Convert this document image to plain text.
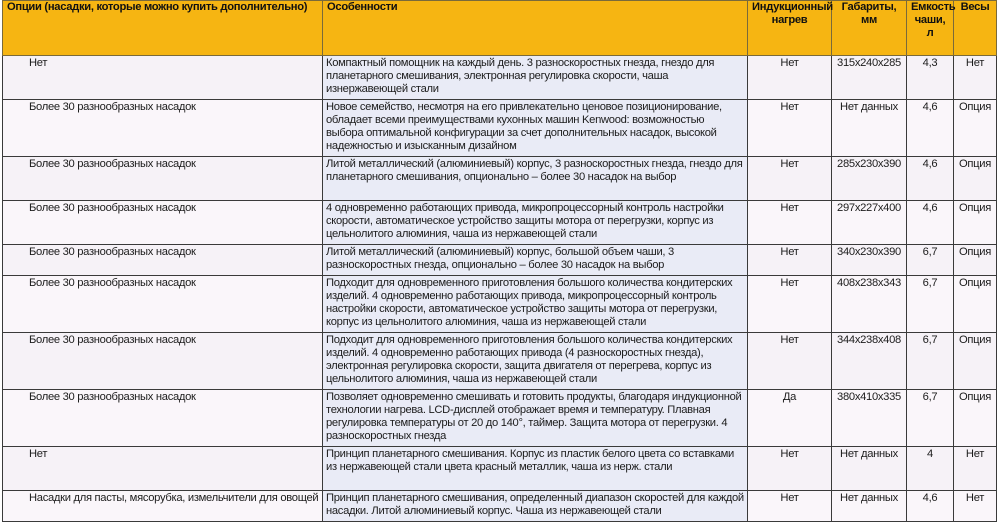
Опции (насадки, которые можно купить дополнительно)	Особенности	Индукционный нагрев	Габариты, мм	Емкость чаши, л	Весы
Нет	Компактный помощник на каждый день. 3 разноскоростных гнезда, гнездо для планетарного смешивания, электронная регулировка скорости, чаша изнержавеющей стали	Нет	315x240x285	4,3	Нет
Более 30 разнообразных насадок	Новое семейство, несмотря на его привлекательно ценовое позиционирование, обладает всеми преимуществами кухонных машин Kenwood: возможностью выбора оптимальной конфигурации за счет дополнительных насадок, высокой надежностью и изысканным дизайном	Нет	Нет данных	4,6	Опция
Более 30 разнообразных насадок	Литой металлический (алюминиевый) корпус, 3 разноскоростных гнезда, гнездо для планетарного смешивания, опционально – более 30 насадок на выбор	Нет	285x230x390	4,6	Опция
Более 30 разнообразных насадок	4 одновременно работающих привода, микропроцессорный контроль настройки скорости, автоматическое устройство защиты мотора от перегрузки, корпус из цельнолитого алюминия, чаша из нержавеющей стали	Нет	297x227x400	4,6	Опция
Более 30 разнообразных насадок	Литой металлический (алюминиевый) корпус, большой объем чаши, 3 разноскоростных гнезда, опционально – более 30 насадок на выбор	Нет	340x230x390	6,7	Опция
Более 30 разнообразных насадок	Подходит для одновременного приготовления большого количества кондитерских изделий. 4 одновременно работающих привода, микропроцессорный контроль настройки скорости, автоматическое устройство защиты мотора от перегрузки, корпус из цельнолитого алюминия, чаша из нержавеющей стали	Нет	408x238x343	6,7	Опция
Более 30 разнообразных насадок	Подходит для одновременного приготовления большого количества кондитерских изделий. 4 одновременно работающих привода (4 разноскоростных гнезда), электронная регулировка скорости, защита двигателя от перегрева, корпус из цельнолитого алюминия, чаша из нержавеющей стали	Нет	344x238x408	6,7	Опция
Более 30 разнообразных насадок	Позволяет одновременно смешивать и готовить продукты, благодаря индукционной технологии нагрева. LCD-дисплей отображает время и температуру. Плавная регулировка температуры от 20 до 140°, таймер. Защита мотора от перегрузки. 4 разноскоростных гнезда	Да	380x410x335	6,7	Опция
Нет	Принцип планетарного смешивания. Корпус из пластик белого цвета со вставками из нержавеющей стали цвета красный металлик, чаша из нерж. стали	Нет	Нет данных	4	Нет
Насадки для пасты, мясорубка, измельчители для овощей	Принцип планетарного смешивания, определенный диапазон скоростей для каждой насадки. Литой алюминиевый корпус. Чаша из нержавеющей стали	Нет	Нет данных	4,6	Нет
